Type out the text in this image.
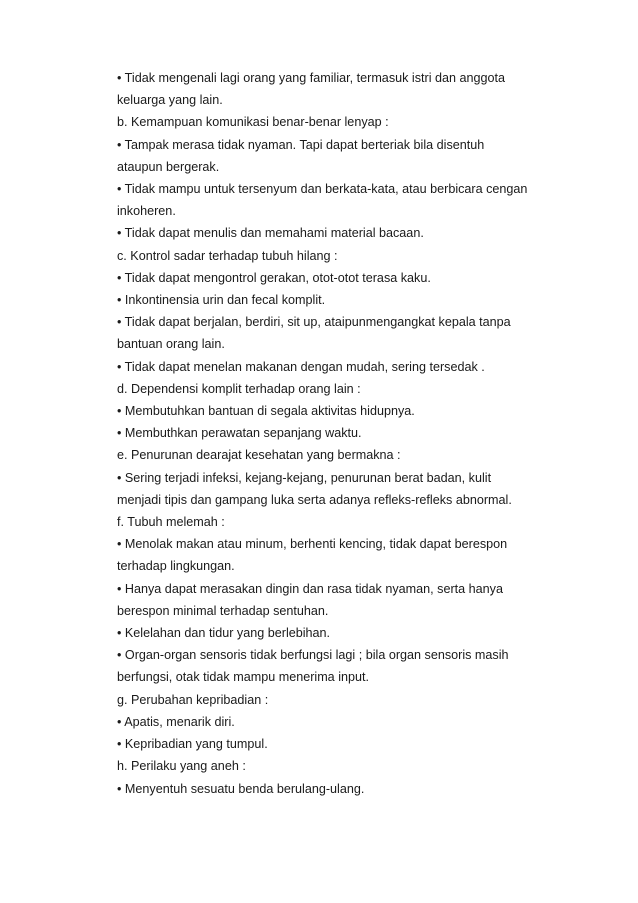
• Tidak mengenali lagi orang yang familiar, termasuk istri dan anggota

keluarga yang lain.

b. Kemampuan komunikasi benar-benar lenyap :

• Tampak merasa tidak nyaman. Tapi dapat berteriak bila disentuh

ataupun bergerak.

• Tidak mampu untuk tersenyum dan berkata-kata, atau berbicara cengan

inkoheren.

• Tidak dapat menulis dan memahami material bacaan.

c. Kontrol sadar terhadap tubuh hilang :

• Tidak dapat mengontrol gerakan, otot-otot terasa kaku.

• Inkontinensia urin dan fecal komplit.

• Tidak dapat berjalan, berdiri, sit up, ataipunmengangkat kepala tanpa

bantuan orang lain.

• Tidak dapat menelan makanan dengan mudah, sering tersedak .

d. Dependensi komplit terhadap orang lain :

• Membutuhkan bantuan di segala aktivitas hidupnya.

• Membuthkan perawatan sepanjang waktu.

e. Penurunan dearajat kesehatan yang bermakna :

• Sering terjadi infeksi, kejang-kejang, penurunan berat badan, kulit

menjadi tipis dan gampang luka serta adanya refleks-refleks abnormal.

f. Tubuh melemah :

• Menolak makan atau minum, berhenti kencing, tidak dapat berespon

terhadap lingkungan.

• Hanya dapat merasakan dingin dan rasa tidak nyaman, serta hanya

berespon minimal terhadap sentuhan.

• Kelelahan dan tidur yang berlebihan.

• Organ-organ sensoris tidak berfungsi lagi ; bila organ sensoris masih

berfungsi, otak tidak mampu menerima input.

g. Perubahan kepribadian :

• Apatis, menarik diri.

• Kepribadian yang tumpul.

h. Perilaku yang aneh :

• Menyentuh sesuatu benda berulang-ulang.
